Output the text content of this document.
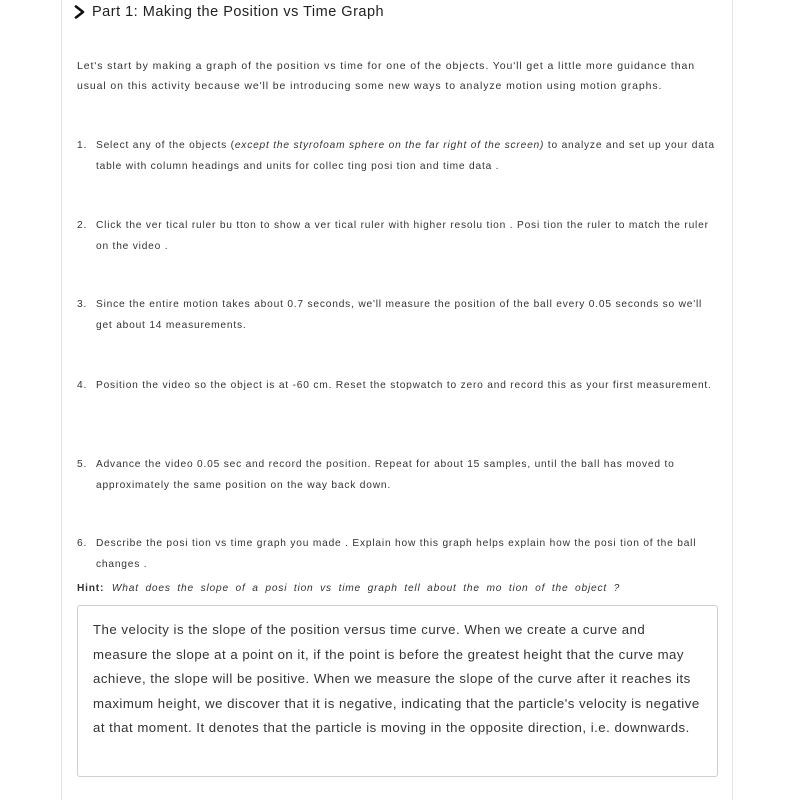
Part 1: Making the Position vs Time Graph
Let's start by making a graph of the position vs time for one of the objects. You'll get a little more guidance than usual on this activity because we'll be introducing some new ways to analyze motion using motion graphs.
1. Select any of the objects (except the styrofoam sphere on the far right of the screen) to analyze and set up your data table with column headings and units for collec ting posi tion and time data .
2. Click the ver tical ruler bu tton to show a ver tical ruler with higher resolu tion . Posi tion the ruler to match the ruler on the video .
3. Since the entire motion takes about 0.7 seconds, we'll measure the position of the ball every 0.05 seconds so we'll get about 14 measurements.
4. Position the video so the object is at -60 cm. Reset the stopwatch to zero and record this as your first measurement.
5. Advance the video 0.05 sec and record the position. Repeat for about 15 samples, until the ball has moved to approximately the same position on the way back down.
6. Describe the posi tion vs time graph you made . Explain how this graph helps explain how the posi tion of the ball changes .
Hint: What does the slope of a posi tion vs time graph tell about the mo tion of the object ?
The velocity is the slope of the position versus time curve. When we create a curve and measure the slope at a point on it, if the point is before the greatest height that the curve may achieve, the slope will be positive. When we measure the slope of the curve after it reaches its maximum height, we discover that it is negative, indicating that the particle's velocity is negative at that moment. It denotes that the particle is moving in the opposite direction, i.e. downwards.
